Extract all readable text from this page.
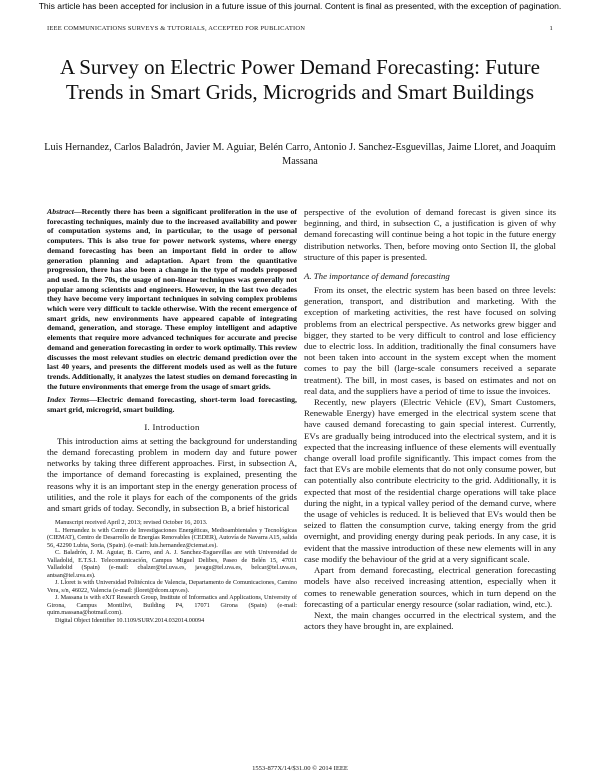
This article has been accepted for inclusion in a future issue of this journal. Content is final as presented, with the exception of pagination.
IEEE COMMUNICATIONS SURVEYS & TUTORIALS, ACCEPTED FOR PUBLICATION	1
A Survey on Electric Power Demand Forecasting: Future Trends in Smart Grids, Microgrids and Smart Buildings
Luis Hernandez, Carlos Baladrón, Javier M. Aguiar, Belén Carro, Antonio J. Sanchez-Esguevillas, Jaime Lloret, and Joaquim Massana
Abstract—Recently there has been a significant proliferation in the use of forecasting techniques, mainly due to the increased availability and power of computation systems and, in particular, to the usage of personal computers. This is also true for power network systems, where energy demand forecasting has been an important field in order to allow generation planning and adaptation. Apart from the quantitative progression, there has also been a change in the type of models proposed and used. In the 70s, the usage of non-linear techniques was generally not popular among scientists and engineers. However, in the last two decades they have become very important techniques in solving complex problems which were very difficult to tackle otherwise. With the recent emergence of smart grids, new environments have appeared capable of integrating demand, generation, and storage. These employ intelligent and adaptive elements that require more advanced techniques for accurate and precise demand and generation forecasting in order to work optimally. This review discusses the most relevant studies on electric demand prediction over the last 40 years, and presents the different models used as well as the future trends. Additionally, it analyzes the latest studies on demand forecasting in the future environments that emerge from the usage of smart grids.
Index Terms—Electric demand forecasting, short-term load forecasting, smart grid, microgrid, smart building.
I. Introduction

This introduction aims at setting the background for understanding the demand forecasting problem in modern day and future power networks by taking three different approaches. First, in subsection A, the importance of demand forecasting is explained, presenting the reasons why it is an important step in the energy generation process of utilities, and the role it plays for each of the components of the grids and smart grids of today. Secondly, in subsection B, a brief historical

Manuscript received April 2, 2013; revised October 16, 2013.

L. Hernandez is with Centro de Investigaciones Energéticas, Medioambientales y Tecnológicas (CIEMAT), Centro de Desarrollo de Energías Renovables (CEDER), Autovía de Navarra A15, salida 56, 42290 Lubia, Soria, (Spain). (e-mail: luis.hernandez@ciemat.es).

C. Baladrón, J. M. Aguiar, B. Carro, and A. J. Sanchez-Esguevillas are with Universidad de Valladolid, E.T.S.I. Telecomunicación, Campus Miguel Delibes, Paseo de Belén 15, 47011 Valladolid (Spain) (e-mail: cbalzer@tel.uva.es, javagu@tel.uva.es, belcar@tel.uva.es, antsan@tel.uva.es).

J. Lloret is with Universidad Politécnica de Valencia, Departamento de Comunicaciones, Camino Vera, s/n, 46022, Valencia (e-mail: jlloret@dcom.upv.es).

J. Massana is with eXiT Research Group, Institute of Informatics and Applications, University of Girona, Campus Montilivi, Building P4, 17071 Girona (Spain) (e-mail: quim.massana@hotmail.com).

Digital Object Identifier 10.1109/SURV.2014.032014.00094

perspective of the evolution of demand forecast is given since its beginning, and third, in subsection C, a justification is given of why demand forecasting will continue being a hot topic in the future energy distribution networks. Then, before moving onto Section II, the global structure of this paper is presented.

A. The importance of demand forecasting

From its onset, the electric system has been based on three levels: generation, transport, and distribution and marketing. With the exception of marketing activities, the rest have focused on solving problems from an electrical perspective. As networks grew bigger and bigger, they started to be very difficult to control and lose efficiency due to electric loss. In addition, traditionally the final consumers have not been taken into account in the system except when the moment comes to pay the bill (large-scale consumers received a separate treatment). The bill, in most cases, is based on estimates and not on real data, and the suppliers have a period of time to issue the invoices.

Recently, new players (Electric Vehicle (EV), Smart Customers, Renewable Energy) have emerged in the electrical system scene that have caused demand forecasting to gain special interest. Currently, EVs are gradually being introduced into the electrical system, and it is expected that the increasing influence of these elements will eventually change overall load profile significantly. This impact comes from the fact that EVs are mobile elements that do not only consume power, but can potentially also contribute electricity to the grid. Additionally, it is expected that most of the residential charge operations will take place during the night, in a typical valley period of the demand curve, where the usage of vehicles is reduced. It is believed that EVs would then be seized to flatten the consumption curve, taking energy from the grid overnight, and providing energy during peak periods. In any case, it is evident that the massive introduction of these new elements will in any case modify the behaviour of the grid at a very significant scale.

Apart from demand forecasting, electrical generation forecasting models have also received increasing attention, especially when it comes to renewable generation sources, which in turn depend on the forecasting of a particular energy resource (solar radiation, wind, etc.).

Next, the main changes occurred in the electrical system, and the actors they have brought in, are explained.

1553-877X/14/$31.00 © 2014 IEEE
